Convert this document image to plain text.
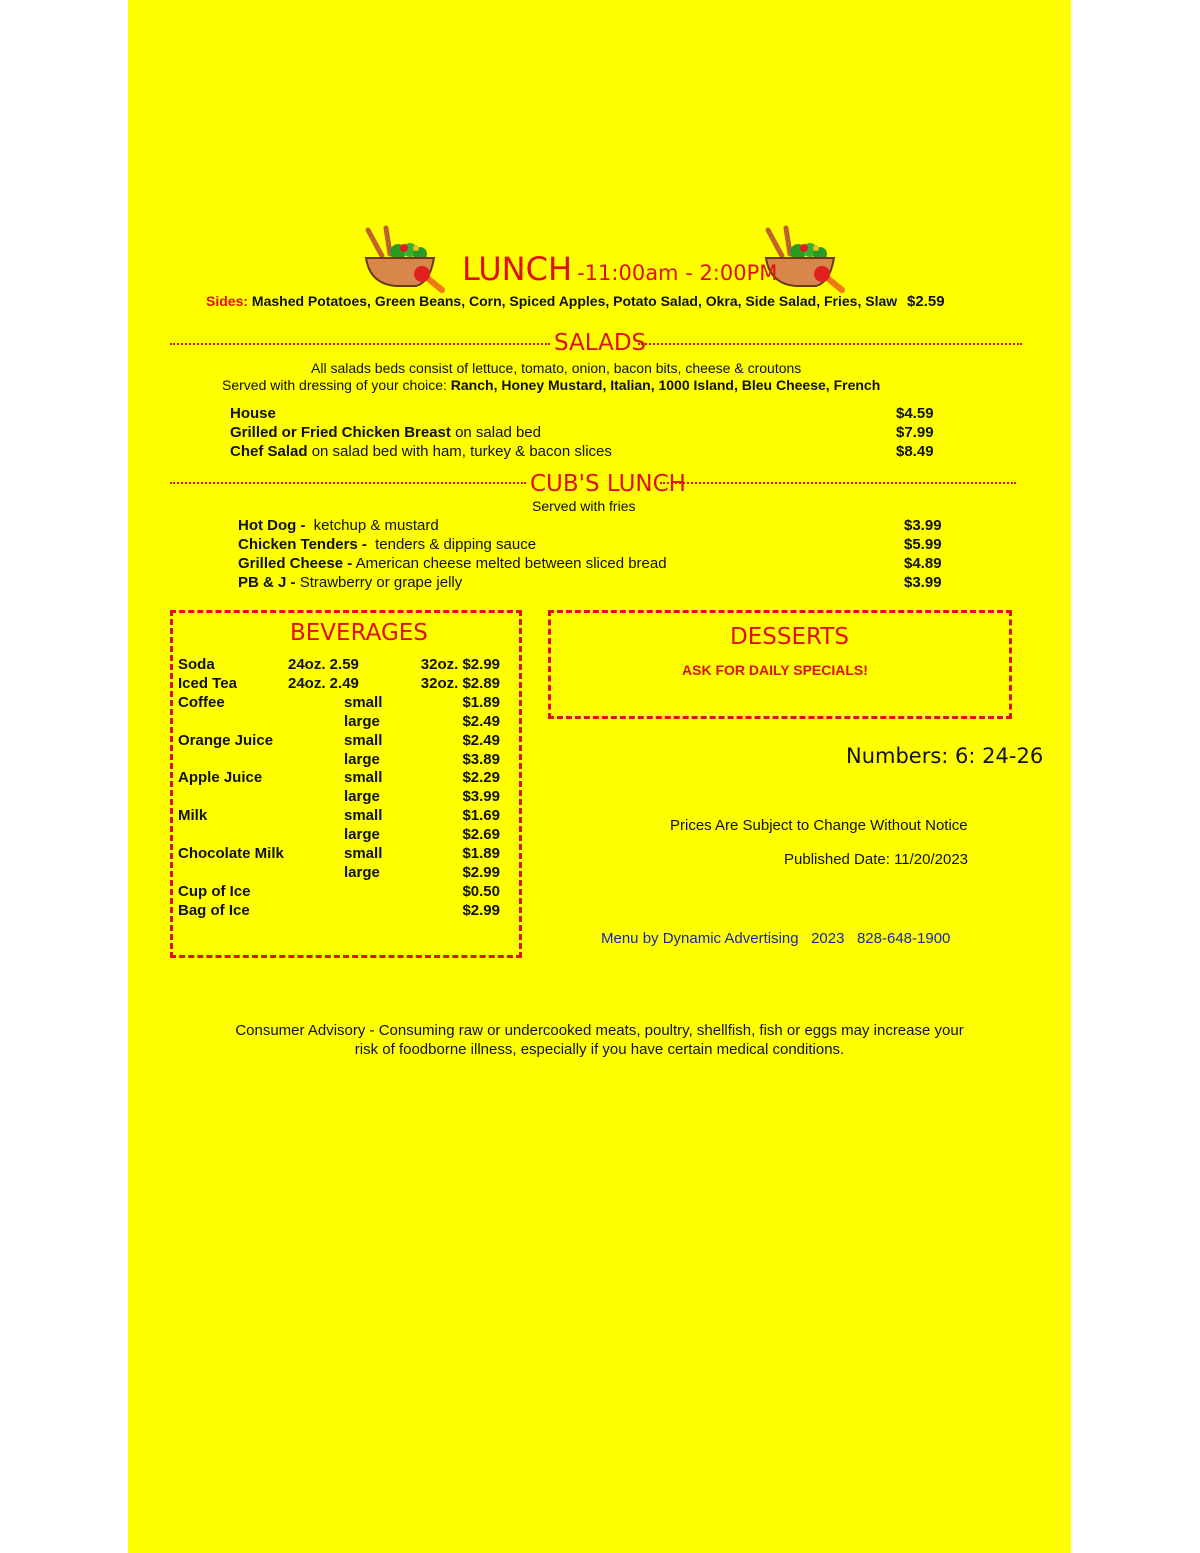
LUNCH -11:00am - 2:00PM
Sides: Mashed Potatoes, Green Beans, Corn, Spiced Apples, Potato Salad, Okra, Side Salad, Fries, Slaw $2.59
SALADS
All salads beds consist of lettuce, tomato, onion, bacon bits, cheese & croutons
Served with dressing of your choice: Ranch, Honey Mustard, Italian, 1000 Island, Bleu Cheese, French
House	$4.59
Grilled or Fried Chicken Breast on salad bed	$7.99
Chef Salad on salad bed with ham, turkey & bacon slices	$8.49
CUB'S LUNCH
Served with fries
Hot Dog - ketchup & mustard	$3.99
Chicken Tenders - tenders & dipping sauce	$5.99
Grilled Cheese - American cheese melted between sliced bread	$4.89
PB & J - Strawberry or grape jelly	$3.99
BEVERAGES
Soda	24oz. 2.59	32oz. $2.99
Iced Tea	24oz. 2.49	32oz. $2.89
Coffee	small	$1.89
large	$2.49
Orange Juice	small	$2.49
large	$3.89
Apple Juice	small	$2.29
large	$3.99
Milk	small	$1.69
large	$2.69
Chocolate Milk	small	$1.89
large	$2.99
Cup of Ice	$0.50
Bag of Ice	$2.99
DESSERTS
ASK FOR DAILY SPECIALS!
Numbers: 6: 24-26
Prices Are Subject to Change Without Notice
Published Date: 11/20/2023
Menu by Dynamic Advertising   2023   828-648-1900
Consumer Advisory - Consuming raw or undercooked meats, poultry, shellfish, fish or eggs may increase your
risk of foodborne illness, especially if you have certain medical conditions.
